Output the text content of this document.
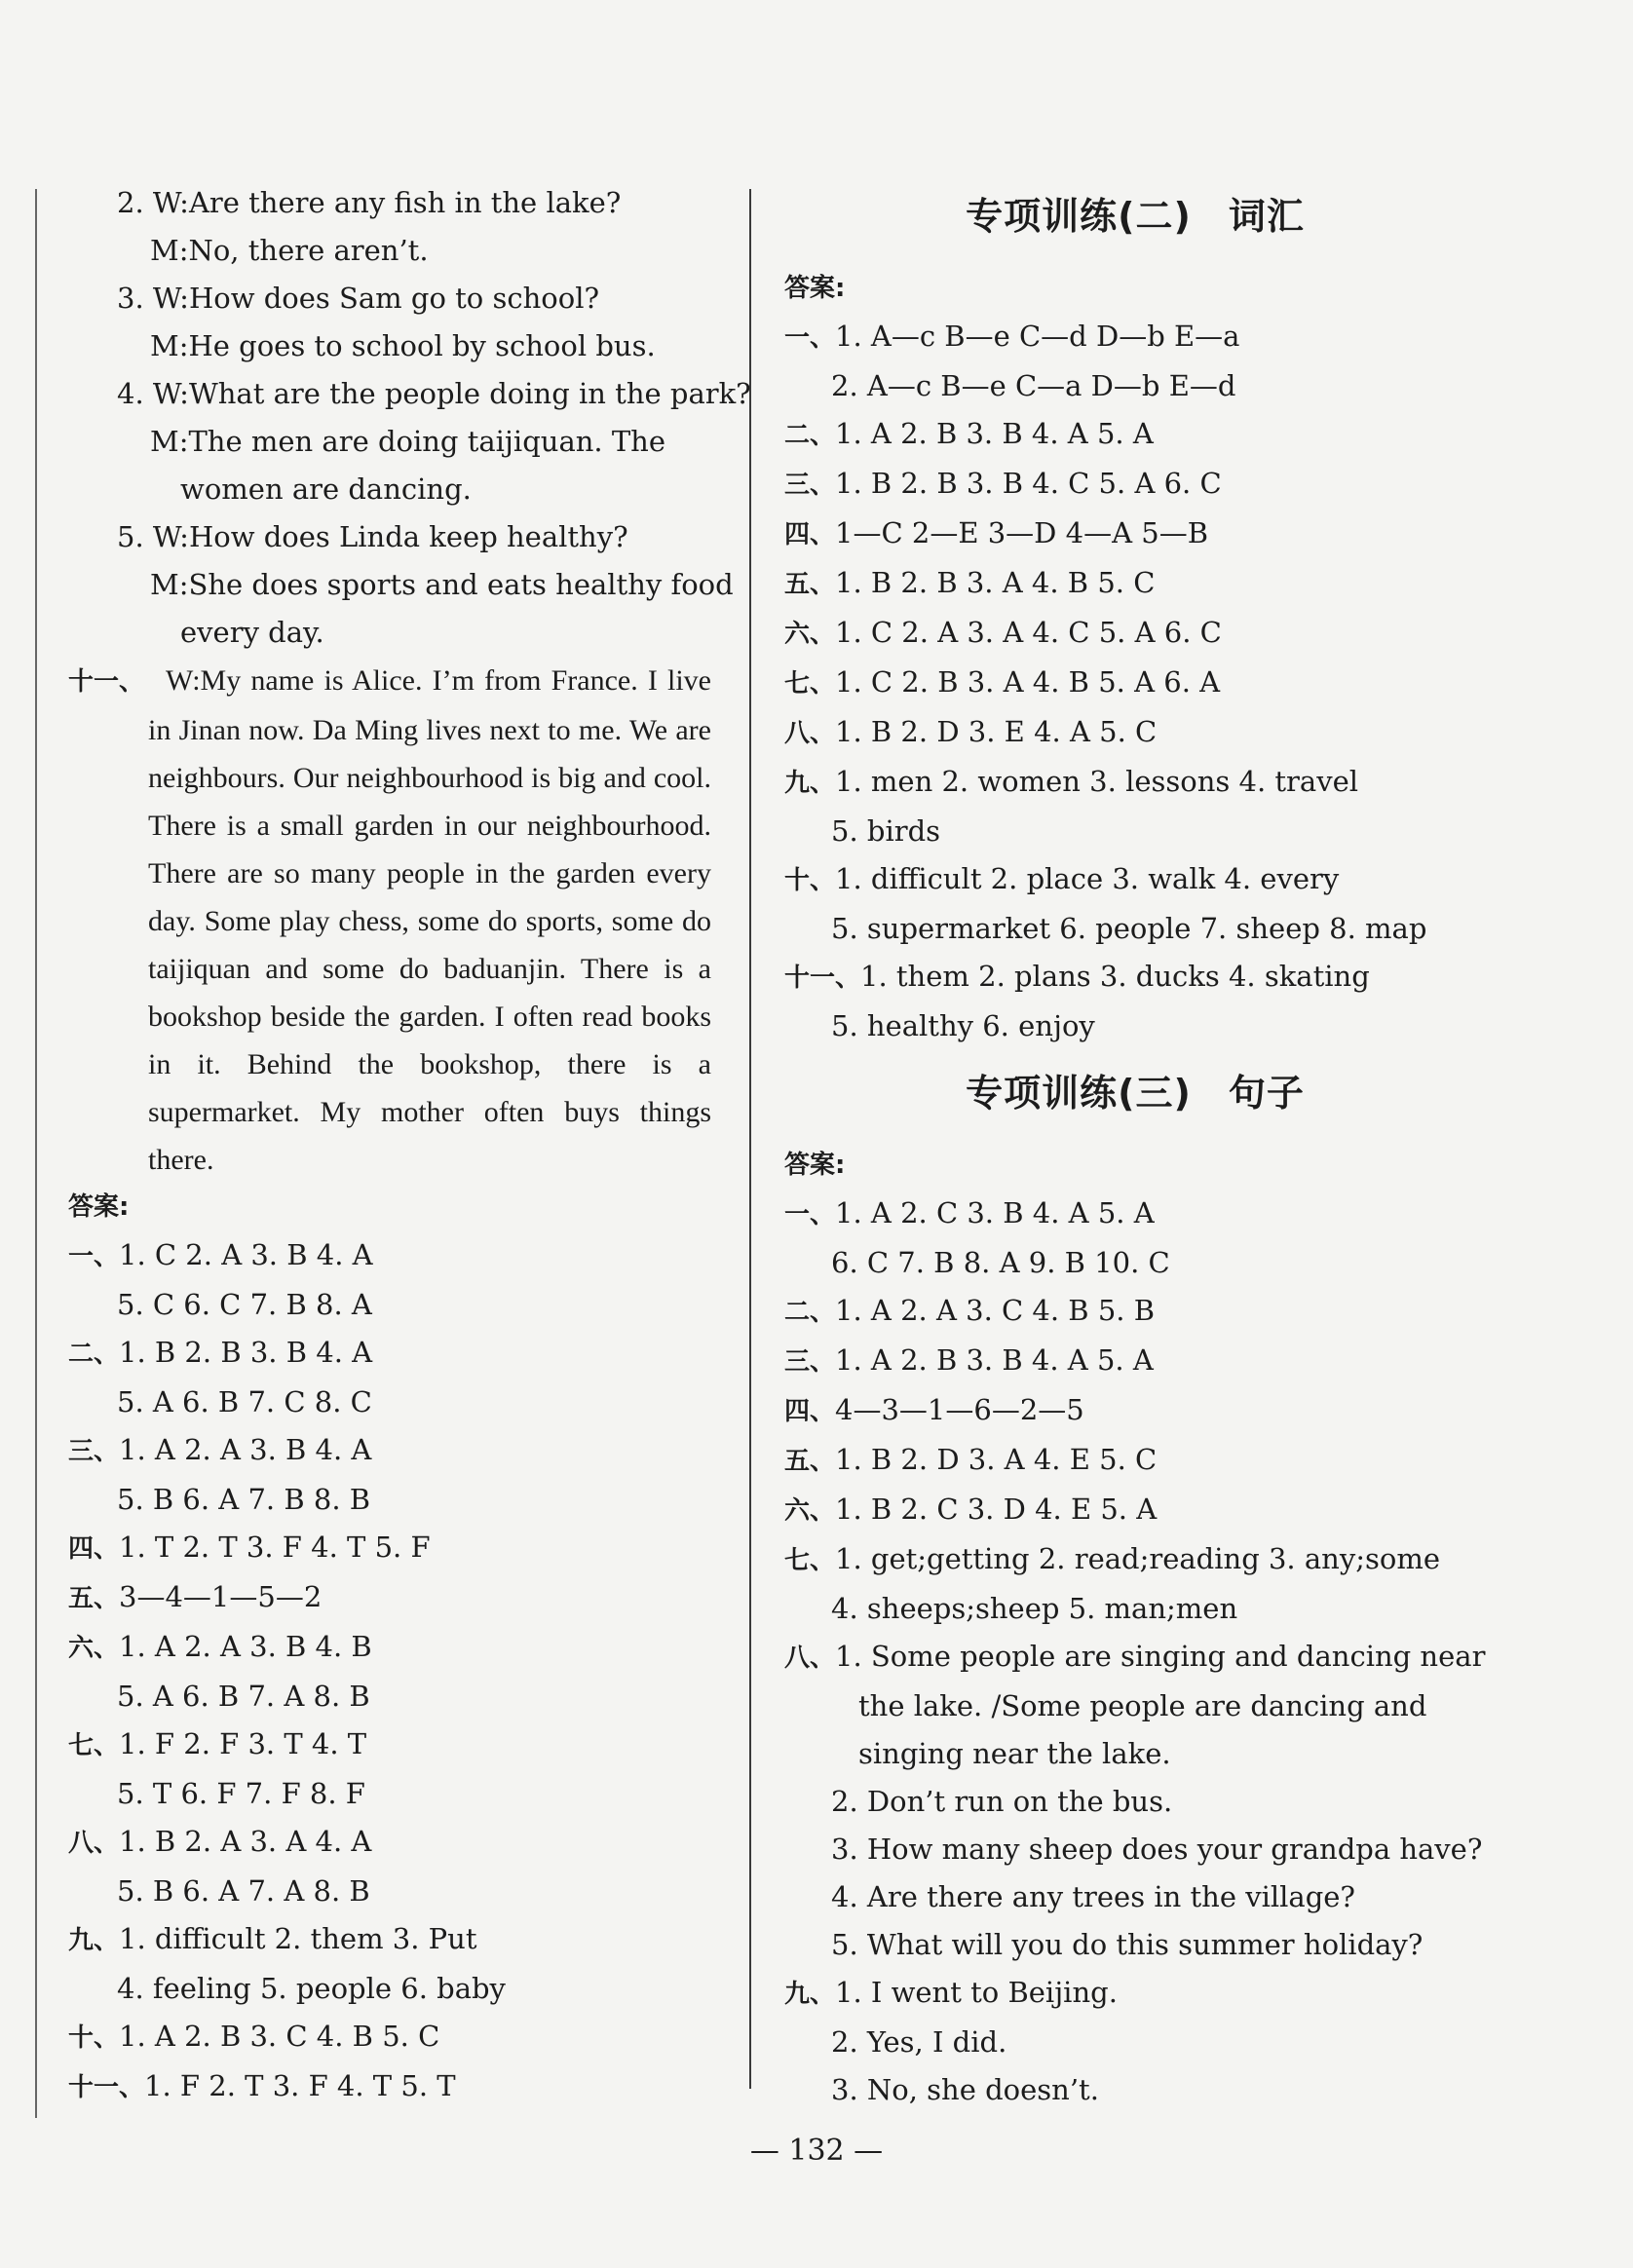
2. W:Are there any fish in the lake?
M:No, there aren’t.
3. W:How does Sam go to school?
M:He goes to school by school bus.
4. W:What are the people doing in the park?
M:The men are doing taijiquan. The
women are dancing.
5. W:How does Linda keep healthy?
M:She does sports and eats healthy food
every day.
十一、 W:My name is Alice. I’m from France. I live in Jinan now. Da Ming lives next to me. We are neighbours. Our neighbourhood is big and cool. There is a small garden in our neighbourhood. There are so many people in the garden every day. Some play chess, some do sports, some do taijiquan and some do baduanjin. There is a bookshop beside the garden. I often read books in it. Behind the bookshop, there is a supermarket. My mother often buys things there.
答案:
一、1. C 2. A 3. B 4. A
5. C 6. C 7. B 8. A
二、1. B 2. B 3. B 4. A
5. A 6. B 7. C 8. C
三、1. A 2. A 3. B 4. A
5. B 6. A 7. B 8. B
四、1. T 2. T 3. F 4. T 5. F
五、3—4—1—5—2
六、1. A 2. A 3. B 4. B
5. A 6. B 7. A 8. B
七、1. F 2. F 3. T 4. T
5. T 6. F 7. F 8. F
八、1. B 2. A 3. A 4. A
5. B 6. A 7. A 8. B
九、1. difficult 2. them 3. Put
4. feeling 5. people 6. baby
十、1. A 2. B 3. C 4. B 5. C
十一、1. F 2. T 3. F 4. T 5. T
专项训练(二) 词汇
答案:
一、1. A—c B—e C—d D—b E—a
2. A—c B—e C—a D—b E—d
二、1. A 2. B 3. B 4. A 5. A
三、1. B 2. B 3. B 4. C 5. A 6. C
四、1—C 2—E 3—D 4—A 5—B
五、1. B 2. B 3. A 4. B 5. C
六、1. C 2. A 3. A 4. C 5. A 6. C
七、1. C 2. B 3. A 4. B 5. A 6. A
八、1. B 2. D 3. E 4. A 5. C
九、1. men 2. women 3. lessons 4. travel
5. birds
十、1. difficult 2. place 3. walk 4. every
5. supermarket 6. people 7. sheep 8. map
十一、1. them 2. plans 3. ducks 4. skating
5. healthy 6. enjoy
专项训练(三) 句子
答案:
一、1. A 2. C 3. B 4. A 5. A
6. C 7. B 8. A 9. B 10. C
二、1. A 2. A 3. C 4. B 5. B
三、1. A 2. B 3. B 4. A 5. A
四、4—3—1—6—2—5
五、1. B 2. D 3. A 4. E 5. C
六、1. B 2. C 3. D 4. E 5. A
七、1. get;getting 2. read;reading 3. any;some
4. sheeps;sheep 5. man;men
八、1. Some people are singing and dancing near
the lake. /Some people are dancing and
singing near the lake.
2. Don’t run on the bus.
3. How many sheep does your grandpa have?
4. Are there any trees in the village?
5. What will you do this summer holiday?
九、1. I went to Beijing.
2. Yes, I did.
3. No, she doesn’t.
— 132 —
